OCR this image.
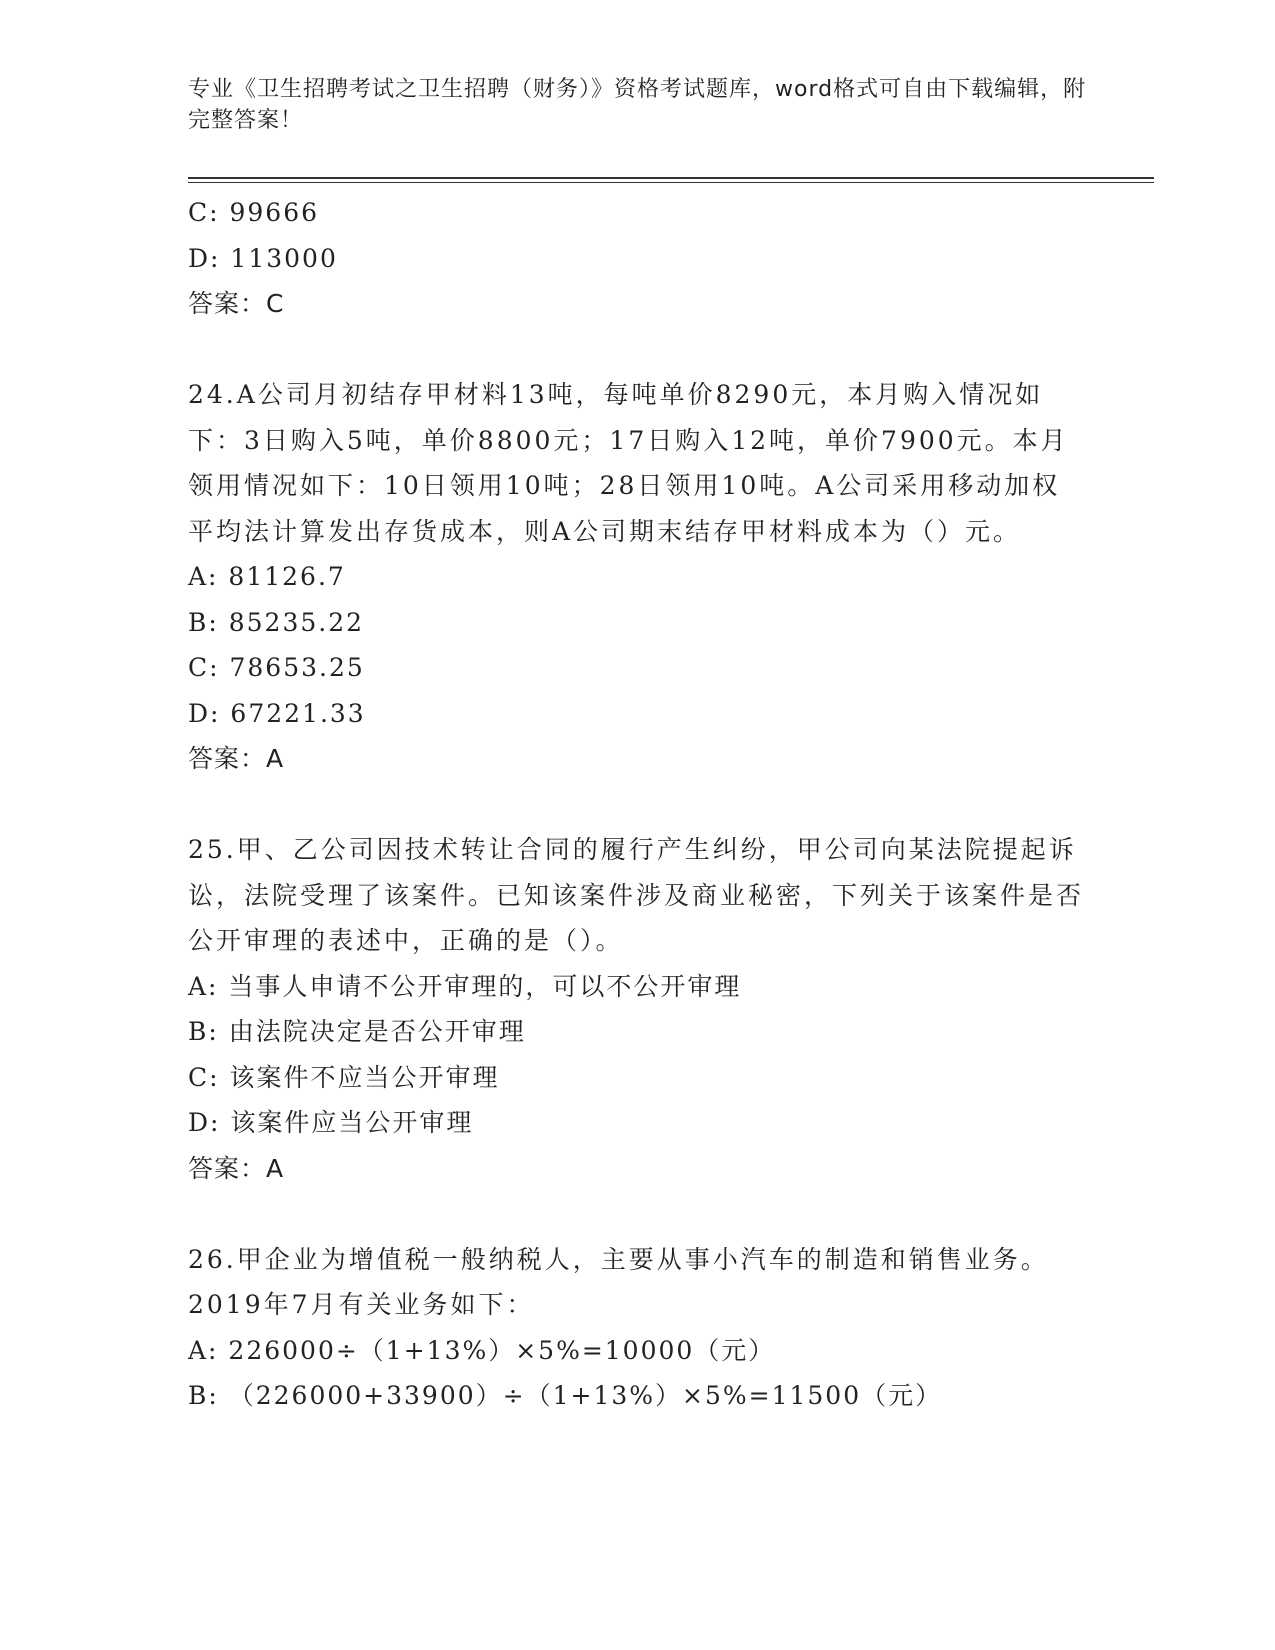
专业《卫生招聘考试之卫生招聘（财务）》资格考试题库，word格式可自由下载编辑，附完整答案！
C: 99666
D: 113000
答案：C
24.A公司月初结存甲材料13吨，每吨单价8290元，本月购入情况如下：3日购入5吨，单价8800元；17日购入12吨，单价7900元。本月领用情况如下：10日领用10吨；28日领用10吨。A公司采用移动加权平均法计算发出存货成本，则A公司期末结存甲材料成本为（）元。
A: 81126.7
B: 85235.22
C: 78653.25
D: 67221.33
答案：A
25.甲、乙公司因技术转让合同的履行产生纠纷，甲公司向某法院提起诉讼，法院受理了该案件。已知该案件涉及商业秘密，下列关于该案件是否公开审理的表述中，正确的是（）。
A: 当事人申请不公开审理的，可以不公开审理
B: 由法院决定是否公开审理
C: 该案件不应当公开审理
D: 该案件应当公开审理
答案：A
26.甲企业为增值税一般纳税人，主要从事小汽车的制造和销售业务。2019年7月有关业务如下：
A: 226000÷（1+13%）×5%=10000（元）
B: （226000+33900）÷（1+13%）×5%=11500（元）
